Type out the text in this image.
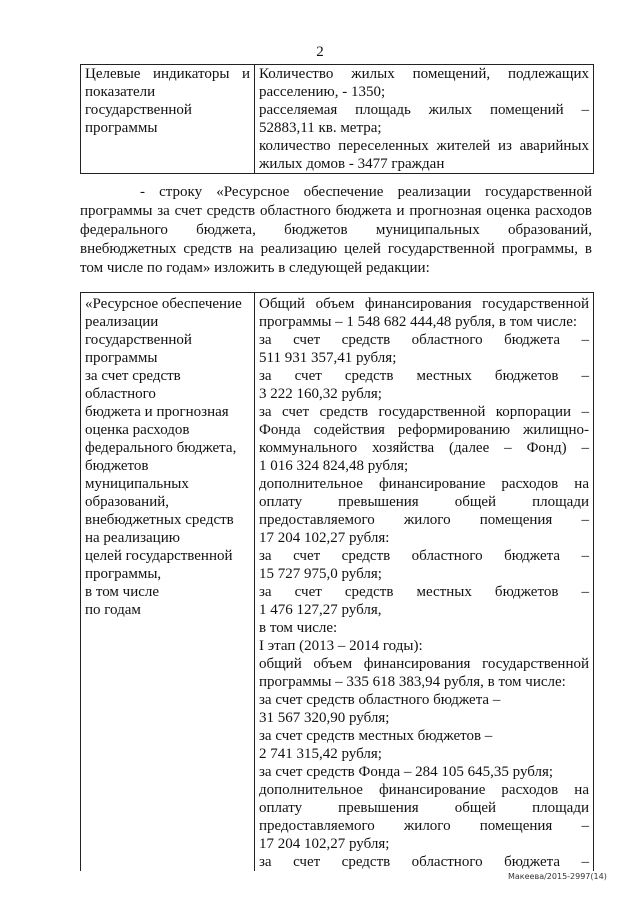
2
Целевые индикаторы и
показатели
государственной
программы

Количество жилых помещений, подлежащих
расселению, - 1350;
расселяемая площадь жилых помещений –
52883,11 кв. метра;
количество переселенных жителей из аварийных
жилых домов - 3477 граждан
- строку «Ресурсное обеспечение реализации государственной программы за счет средств областного бюджета и прогнозная оценка расходов федерального бюджета, бюджетов муниципальных образований, внебюджетных средств на реализацию целей государственной программы, в том числе по годам» изложить в следующей редакции:
«Ресурсное обеспечение
реализации
государственной
программы
за счет средств
областного
бюджета и прогнозная
оценка расходов
федерального бюджета,
бюджетов
муниципальных
образований,
внебюджетных средств
на реализацию
целей государственной
программы,
в том числе
по годам

Общий объем финансирования государственной
программы – 1 548 682 444,48 рубля, в том числе:
за счет средств областного бюджета –
511 931 357,41 рубля;
за счет средств местных бюджетов –
3 222 160,32 рубля;
за счет средств государственной корпорации –
Фонда содействия реформированию жилищно-
коммунального хозяйства (далее – Фонд) –
1 016 324 824,48 рубля;
дополнительное финансирование расходов на
оплату превышения общей площади
предоставляемого жилого помещения –
17 204 102,27 рубля:
за счет средств областного бюджета –
15 727 975,0 рубля;
за счет средств местных бюджетов –
1 476 127,27 рубля,
в том числе:
I этап (2013 – 2014 годы):
общий объем финансирования государственной
программы – 335 618 383,94 рубля, в том числе:
за счет средств областного бюджета –
31 567 320,90 рубля;
за счет средств местных бюджетов –
2 741 315,42 рубля;
за счет средств Фонда – 284 105 645,35 рубля;
дополнительное финансирование расходов на
оплату превышения общей площади
предоставляемого жилого помещения –
17 204 102,27 рубля;
за счет средств областного бюджета –
Макеева/2015-2997(14)
